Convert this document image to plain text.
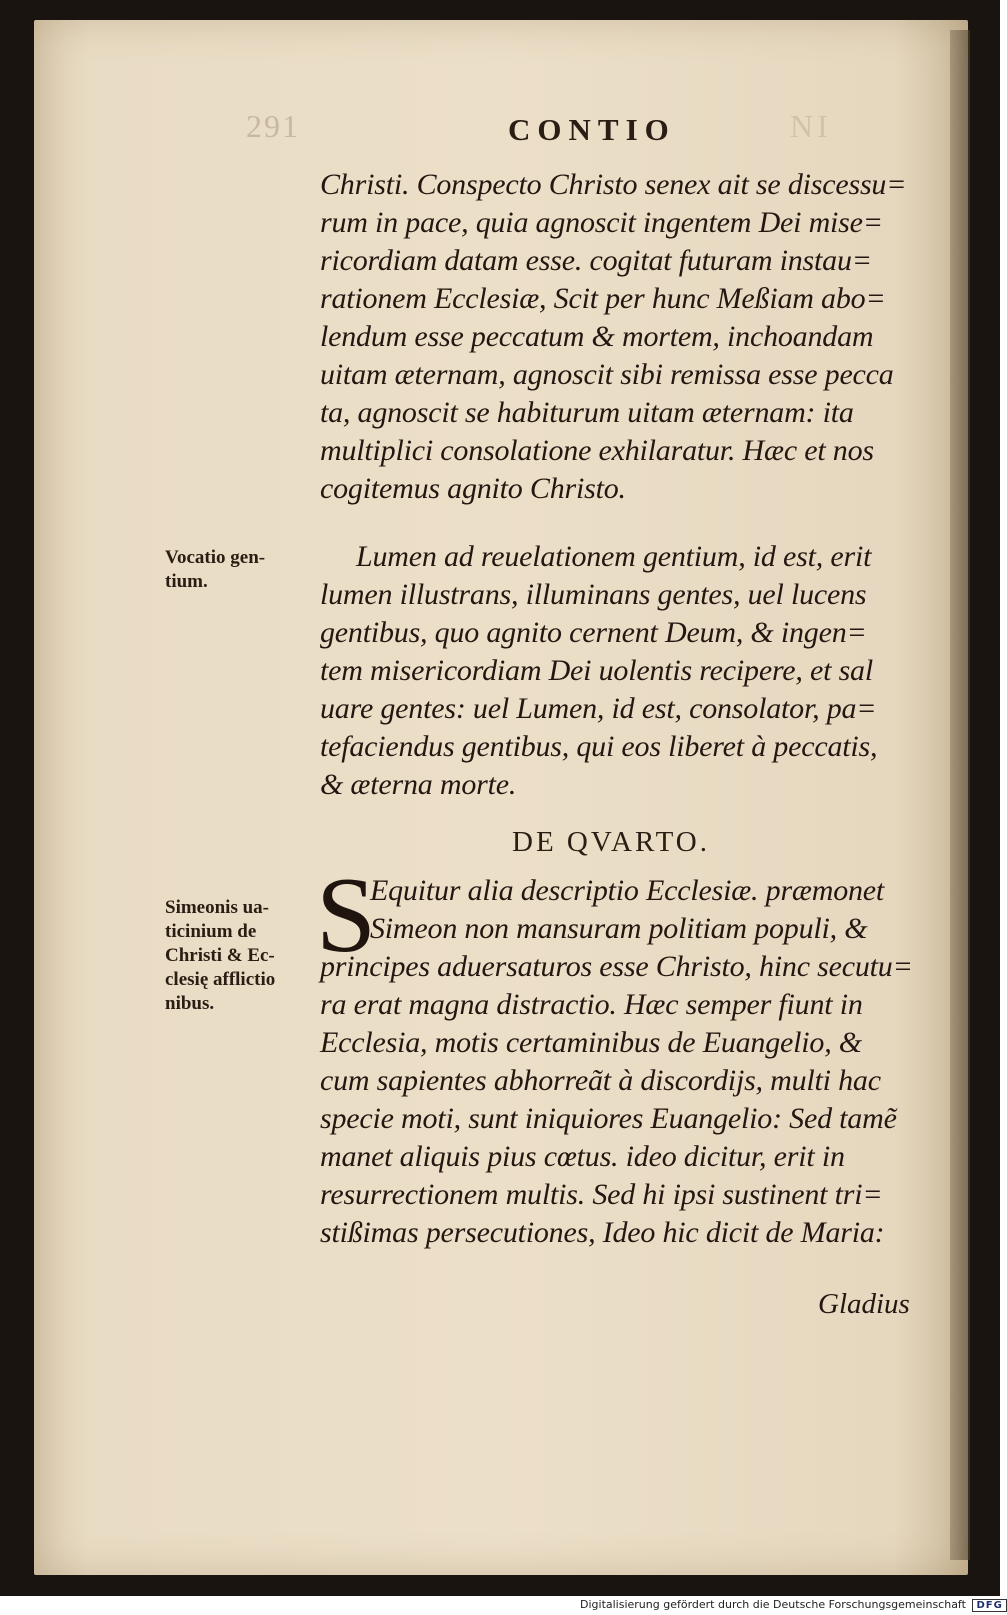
291	NI
CONTIO
Christi. Conspecto Christo senex ait se discessu=
rum in pace, quia agnoscit ingentem Dei mise=
ricordiam datam esse. cogitat futuram instau=
rationem Ecclesiæ, Scit per hunc Meßiam abo=
lendum esse peccatum & mortem, inchoandam
uitam æternam, agnoscit sibi remissa esse pecca
ta, agnoscit se habiturum uitam æternam: ita
multiplici consolatione exhilaratur. Hæc et nos
cogitemus agnito Christo.
Vocatio gen-
tium.
Lumen ad reuelationem gentium, id est, erit
lumen illustrans, illuminans gentes, uel lucens
gentibus, quo agnito cernent Deum, & ingen=
tem misericordiam Dei uolentis recipere, et sal
uare gentes: uel Lumen, id est, consolator, pa=
tefaciendus gentibus, qui eos liberet à peccatis,
& æterna morte.
DE QVARTO.
Simeonis ua-
ticinium de
Christi & Ec-
clesię afflictio
nibus.
S
Equitur alia descriptio Ecclesiæ. præmonet
Simeon non mansuram politiam populi, &
principes aduersaturos esse Christo, hinc secutu=
ra erat magna distractio. Hæc semper fiunt in
Ecclesia, motis certaminibus de Euangelio, &
cum sapientes abhorreãt à discordijs, multi hac
specie moti, sunt iniquiores Euangelio: Sed tamẽ
manet aliquis pius cœtus. ideo dicitur, erit in
resurrectionem multis. Sed hi ipsi sustinent tri=
stißimas persecutiones, Ideo hic dicit de Maria:
Gladius
Digitalisierung gefördert durch die Deutsche Forschungsgemeinschaft DFG
